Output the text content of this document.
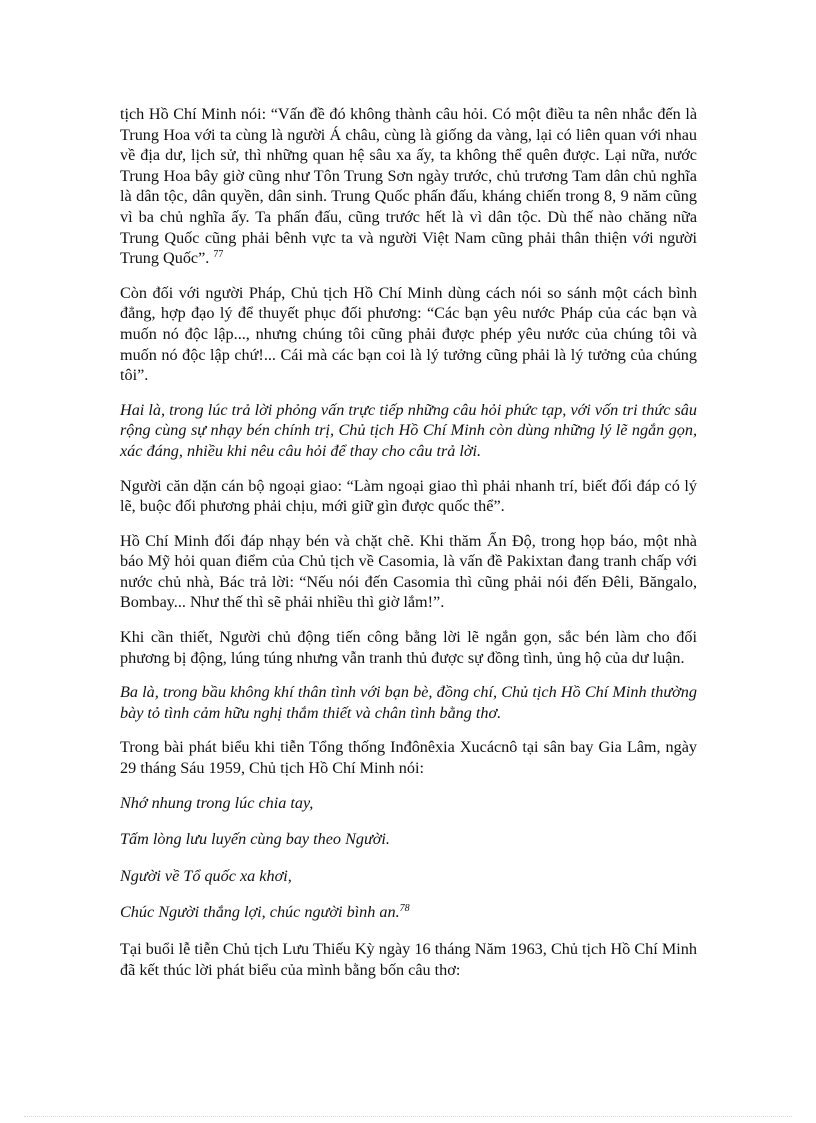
tịch Hồ Chí Minh nói: “Vấn đề đó không thành câu hỏi. Có một điều ta nên nhắc đến là Trung Hoa với ta cùng là người Á châu, cùng là giống da vàng, lại có liên quan với nhau về địa dư, lịch sử, thì những quan hệ sâu xa ấy, ta không thể quên được. Lại nữa, nước Trung Hoa bây giờ cũng như Tôn Trung Sơn ngày trước, chủ trương Tam dân chủ nghĩa là dân tộc, dân quyền, dân sinh. Trung Quốc phấn đấu, kháng chiến trong 8, 9 năm cũng vì ba chủ nghĩa ấy. Ta phấn đấu, cũng trước hết là vì dân tộc. Dù thế nào chăng nữa Trung Quốc cũng phải bênh vực ta và người Việt Nam cũng phải thân thiện với người Trung Quốc”. $^{77}$

Còn đối với người Pháp, Chủ tịch Hồ Chí Minh dùng cách nói so sánh một cách bình đẳng, hợp đạo lý để thuyết phục đối phương: “Các bạn yêu nước Pháp của các bạn và muốn nó độc lập..., nhưng chúng tôi cũng phải được phép yêu nước của chúng tôi và muốn nó độc lập chứ!... Cái mà các bạn coi là lý tưởng cũng phải là lý tưởng của chúng tôi”.

Hai là, trong lúc trả lời phỏng vấn trực tiếp những câu hỏi phức tạp, với vốn tri thức sâu rộng cùng sự nhạy bén chính trị, Chủ tịch Hồ Chí Minh còn dùng những lý lẽ ngắn gọn, xác đáng, nhiều khi nêu câu hỏi để thay cho câu trả lời.

Người căn dặn cán bộ ngoại giao: “Làm ngoại giao thì phải nhanh trí, biết đối đáp có lý lẽ, buộc đối phương phải chịu, mới giữ gìn được quốc thể”.

Hồ Chí Minh đối đáp nhạy bén và chặt chẽ. Khi thăm Ấn Độ, trong họp báo, một nhà báo Mỹ hỏi quan điểm của Chủ tịch về Casomia, là vấn đề Pakixtan đang tranh chấp với nước chủ nhà, Bác trả lời: “Nếu nói đến Casomia thì cũng phải nói đến Đêli, Băngalo, Bombay... Như thế thì sẽ phải nhiều thì giờ lắm!”.

Khi cần thiết, Người chủ động tiến công bằng lời lẽ ngắn gọn, sắc bén làm cho đối phương bị động, lúng túng nhưng vẫn tranh thủ được sự đồng tình, ủng hộ của dư luận.

Ba là, trong bầu không khí thân tình với bạn bè, đồng chí, Chủ tịch Hồ Chí Minh thường bày tỏ tình cảm hữu nghị thắm thiết và chân tình bằng thơ.

Trong bài phát biểu khi tiễn Tổng thống Inđônêxia Xucácnô tại sân bay Gia Lâm, ngày 29 tháng Sáu 1959, Chủ tịch Hồ Chí Minh nói:

Nhớ nhung trong lúc chia tay,

Tấm lòng lưu luyến cùng bay theo Người.

Người về Tổ quốc xa khơi,

Chúc Người thắng lợi, chúc người bình an.$^{78}$

Tại buổi lễ tiễn Chủ tịch Lưu Thiếu Kỳ ngày 16 tháng Năm 1963, Chủ tịch Hồ Chí Minh đã kết thúc lời phát biểu của mình bằng bốn câu thơ:
